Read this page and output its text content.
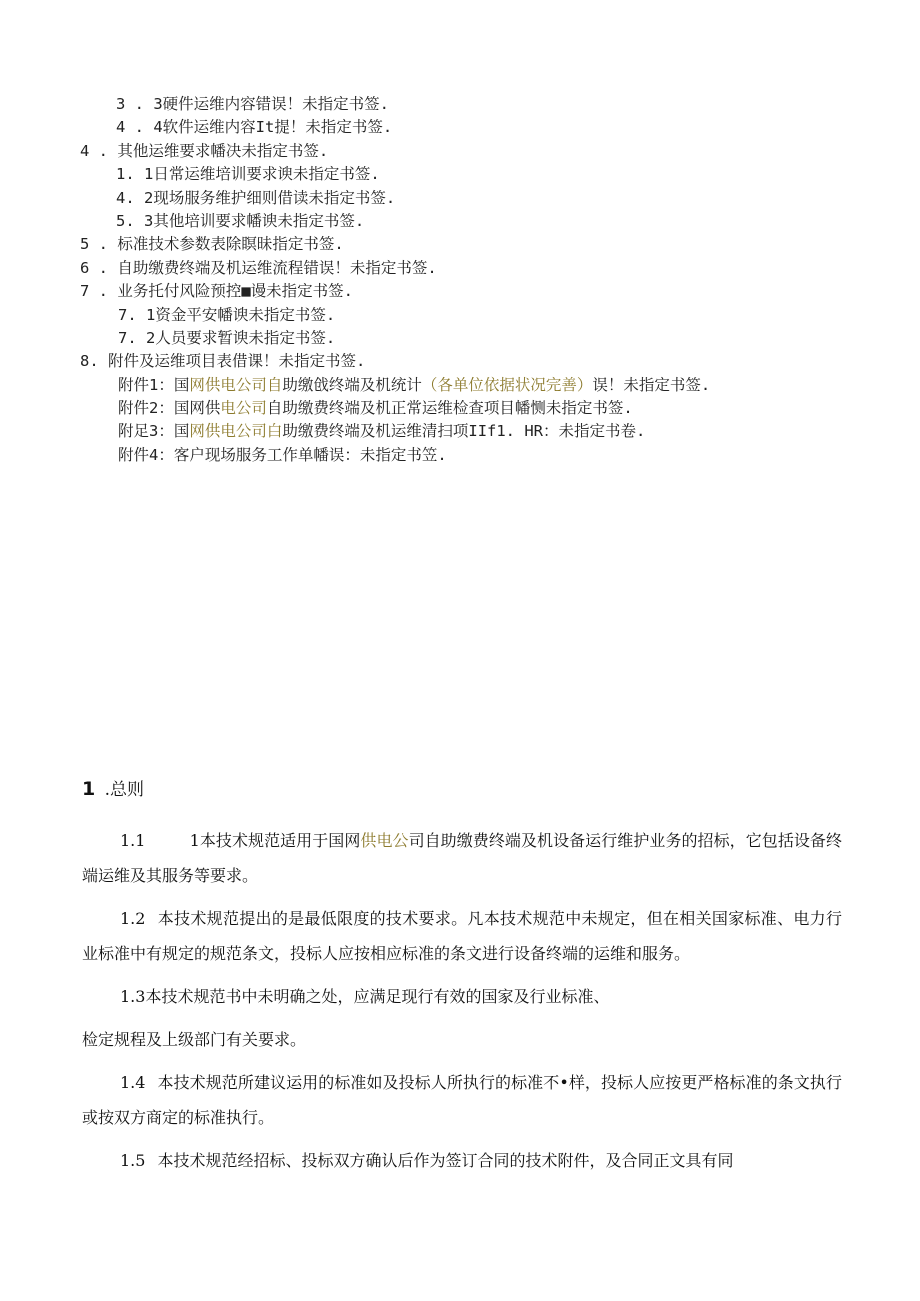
3 . 3硬件运维内容错误！未指定书签.
4 . 4软件运维内容It提！未指定书签.
4 . 其他运维要求幡决未指定书签.
1. 1日常运维培训要求谀未指定书签.
4. 2现场服务维护细则借读未指定书签.
5. 3其他培训要求幡谀未指定书签.
5 . 标准技术参数表除瞑昧指定书签.
6 . 自助缴费终端及机运维流程错误！未指定书签.
7 . 业务托付风险预控■谩未指定书签.
7. 1资金平安幡谀未指定书签.
7. 2人员要求暂谀未指定书签.
8. 附件及运维项目表借课！未指定书签.
附件1：国网供电公司自助缴戗终端及机统计（各单位依据状况完善）误！未指定书签.
附件2：国网供电公司自助缴费终端及机正常运维检查项目幡恻未指定书签.
附足3：国网供电公司白助缴费终端及机运维清扫项IIf1. HR：未指定书卷.
附件4：客户现场服务工作单幡误：未指定书笠.
1 .总则

1.1　　1本技术规范适用于国网供电公司自助缴费终端及机设备运行维护业务的招标，它包括设备终端运维及其服务等要求。

1.2 本技术规范提出的是最低限度的技术要求。凡本技术规范中未规定，但在相关国家标准、电力行业标准中有规定的规范条文，投标人应按相应标准的条文进行设备终端的运维和服务。

1.3本技术规范书中未明确之处，应满足现行有效的国家及行业标准、

检定规程及上级部门有关要求。

1.4 本技术规范所建议运用的标准如及投标人所执行的标准不•样，投标人应按更严格标准的条文执行或按双方商定的标准执行。

1.5 本技术规范经招标、投标双方确认后作为签订合同的技术附件，及合同正文具有同
